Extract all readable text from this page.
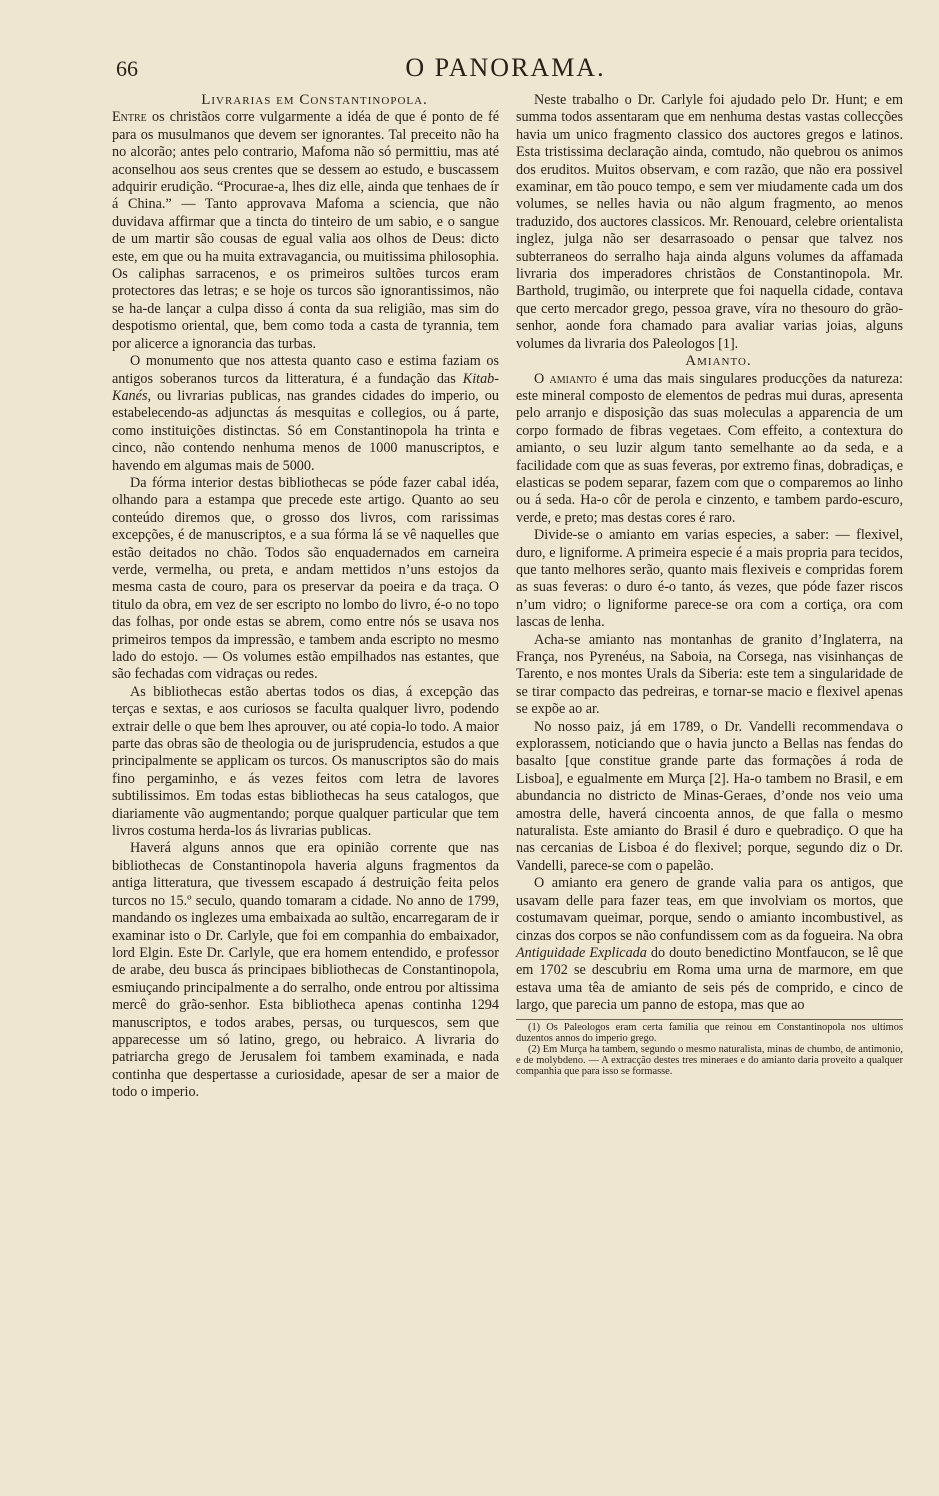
66	O PANORAMA.

Livrarias em Constantinopola.

Entre os christãos corre vulgarmente a idéa de que é ponto de fé para os musulmanos que devem ser ignorantes. Tal preceito não ha no alcorão; antes pelo contrario, Mafoma não só permittiu, mas até aconselhou aos seus crentes que se dessem ao estudo, e buscassem adquirir erudição. “Procurae-a, lhes diz elle, ainda que tenhaes de ír á China.” — Tanto approvava Mafoma a sciencia, que não duvidava affirmar que a tincta do tinteiro de um sabio, e o sangue de um martir são cousas de egual valia aos olhos de Deus: dicto este, em que ou ha muita extravagancia, ou muitissima philosophia. Os caliphas sarracenos, e os primeiros sultões turcos eram protectores das letras; e se hoje os turcos são ignorantissimos, não se ha-de lançar a culpa disso á conta da sua religião, mas sim do despotismo oriental, que, bem como toda a casta de tyrannia, tem por alicerce a ignorancia das turbas.

O monumento que nos attesta quanto caso e estima faziam os antigos soberanos turcos da litteratura, é a fundação das Kitab-Kanés, ou livrarias publicas, nas grandes cidades do imperio, ou estabelecendo-as adjunctas ás mesquitas e collegios, ou á parte, como instituições distinctas. Só em Constantinopola ha trinta e cinco, não contendo nenhuma menos de 1000 manuscriptos, e havendo em algumas mais de 5000.

Da fórma interior destas bibliothecas se póde fazer cabal idéa, olhando para a estampa que precede este artigo. Quanto ao seu conteúdo diremos que, o grosso dos livros, com rarissimas excepções, é de manuscriptos, e a sua fórma lá se vê naquelles que estão deitados no chão. Todos são enquadernados em carneira verde, vermelha, ou preta, e andam mettidos n’uns estojos da mesma casta de couro, para os preservar da poeira e da traça. O titulo da obra, em vez de ser escripto no lombo do livro, é-o no topo das folhas, por onde estas se abrem, como entre nós se usava nos primeiros tempos da impressão, e tambem anda escripto no mesmo lado do estojo. — Os volumes estão empilhados nas estantes, que são fechadas com vidraças ou redes.

As bibliothecas estão abertas todos os dias, á excepção das terças e sextas, e aos curiosos se faculta qualquer livro, podendo extrair delle o que bem lhes aprouver, ou até copia-lo todo. A maior parte das obras são de theologia ou de jurisprudencia, estudos a que principalmente se applicam os turcos. Os manuscriptos são do mais fino pergaminho, e ás vezes feitos com letra de lavores subtilissimos. Em todas estas bibliothecas ha seus catalogos, que diariamente vão augmentando; porque qualquer particular que tem livros costuma herda-los ás livrarias publicas.

Haverá alguns annos que era opinião corrente que nas bibliothecas de Constantinopola haveria alguns fragmentos da antiga litteratura, que tivessem escapado á destruição feita pelos turcos no 15.º seculo, quando tomaram a cidade. No anno de 1799, mandando os inglezes uma embaixada ao sultão, encarregaram de ir examinar isto o Dr. Carlyle, que foi em companhia do embaixador, lord Elgin. Este Dr. Carlyle, que era homem entendido, e professor de arabe, deu busca ás principaes bibliothecas de Constantinopola, esmiuçando principalmente a do serralho, onde entrou por altissima mercê do grão-senhor. Esta bibliotheca apenas continha 1294 manuscriptos, e todos arabes, persas, ou turquescos, sem que apparecesse um só latino, grego, ou hebraico. A livraria do patriarcha grego de Jerusalem foi tambem examinada, e nada continha que despertasse a curiosidade, apesar de ser a maior de todo o imperio.

Neste trabalho o Dr. Carlyle foi ajudado pelo Dr. Hunt; e em summa todos assentaram que em nenhuma destas vastas collecções havia um unico fragmento classico dos auctores gregos e latinos. Esta tristissima declaração ainda, comtudo, não quebrou os animos dos eruditos. Muitos observam, e com razão, que não era possivel examinar, em tão pouco tempo, e sem ver miudamente cada um dos volumes, se nelles havia ou não algum fragmento, ao menos traduzido, dos auctores classicos. Mr. Renouard, celebre orientalista inglez, julga não ser desarrasoado o pensar que talvez nos subterraneos do serralho haja ainda alguns volumes da affamada livraria dos imperadores christãos de Constantinopola. Mr. Barthold, trugimão, ou interprete que foi naquella cidade, contava que certo mercador grego, pessoa grave, víra no thesouro do grão-senhor, aonde fora chamado para avaliar varias joias, alguns volumes da livraria dos Paleologos [1].

Amianto.

O amianto é uma das mais singulares producções da natureza: este mineral composto de elementos de pedras mui duras, apresenta pelo arranjo e disposição das suas moleculas a apparencia de um corpo formado de fibras vegetaes. Com effeito, a contextura do amianto, o seu luzir algum tanto semelhante ao da seda, e a facilidade com que as suas feveras, por extremo finas, dobradiças, e elasticas se podem separar, fazem com que o comparemos ao linho ou á seda. Ha-o côr de perola e cinzento, e tambem pardo-escuro, verde, e preto; mas destas cores é raro.

Divide-se o amianto em varias especies, a saber: — flexivel, duro, e ligniforme. A primeira especie é a mais propria para tecidos, que tanto melhores serão, quanto mais flexiveis e compridas forem as suas feveras: o duro é-o tanto, ás vezes, que póde fazer riscos n’um vidro; o ligniforme parece-se ora com a cortiça, ora com lascas de lenha.

Acha-se amianto nas montanhas de granito d’Inglaterra, na França, nos Pyrenéus, na Saboia, na Corsega, nas visinhanças de Tarento, e nos montes Urals da Siberia: este tem a singularidade de se tirar compacto das pedreiras, e tornar-se macio e flexivel apenas se expõe ao ar.

No nosso paiz, já em 1789, o Dr. Vandelli recommendava o explorassem, noticiando que o havia juncto a Bellas nas fendas do basalto [que constitue grande parte das formações á roda de Lisboa], e egualmente em Murça [2]. Ha-o tambem no Brasil, e em abundancia no districto de Minas-Geraes, d’onde nos veio uma amostra delle, haverá cincoenta annos, de que falla o mesmo naturalista. Este amianto do Brasil é duro e quebradiço. O que ha nas cercanias de Lisboa é do flexivel; porque, segundo diz o Dr. Vandelli, parece-se com o papelão.

O amianto era genero de grande valia para os antigos, que usavam delle para fazer teas, em que involviam os mortos, que costumavam queimar, porque, sendo o amianto incombustivel, as cinzas dos corpos se não confundissem com as da fogueira. Na obra Antiguidade Explicada do douto benedictino Montfaucon, se lê que em 1702 se descubriu em Roma uma urna de marmore, em que estava uma têa de amianto de seis pés de comprido, e cinco de largo, que parecia um panno de estopa, mas que ao

(1) Os Paleologos eram certa familia que reinou em Constantinopola nos ultimos duzentos annos do imperio grego.

(2) Em Murça ha tambem, segundo o mesmo naturalista, minas de chumbo, de antimonio, e de molybdeno. — A extracção destes tres mineraes e do amianto daria proveito a qualquer companhia que para isso se formasse.
